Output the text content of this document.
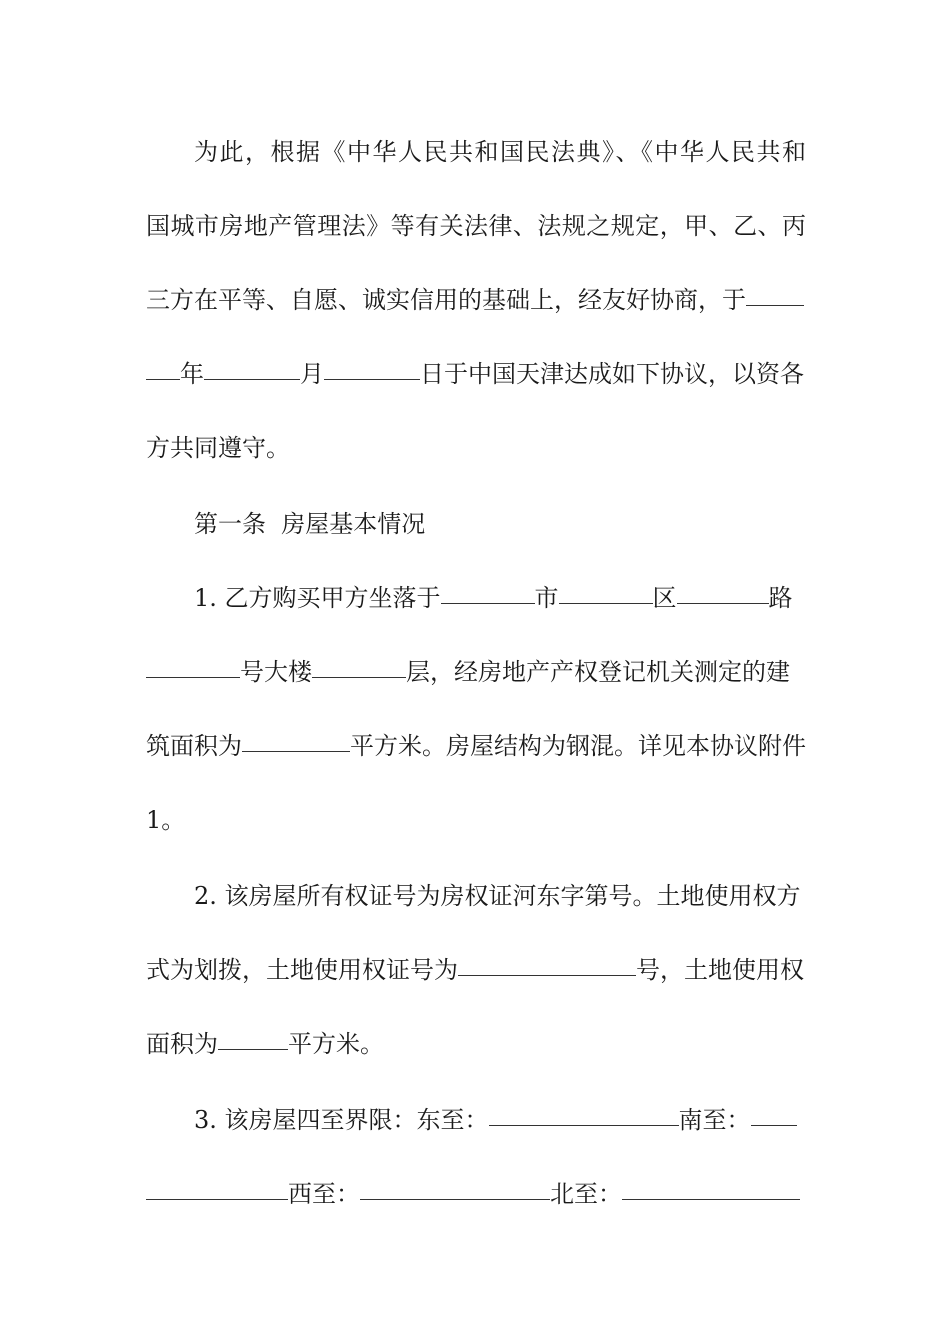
为此，根据《中华人民共和国民法典》、《中华人民共和
国城市房地产管理法》等有关法律、法规之规定，甲、乙、丙
三方在平等、自愿、诚实信用的基础上，经友好协商，于
年	月	日于中国天津达成如下协议，以资各
方共同遵守。
第一条  房屋基本情况
1. 乙方购买甲方坐落于	市	区	路
号大楼	层，经房地产产权登记机关测定的建
筑面积为	平方米。房屋结构为钢混。详见本协议附件
1。
2. 该房屋所有权证号为房权证河东字第号。土地使用权方
式为划拨，土地使用权证号为	号，土地使用权
面积为	平方米。
3. 该房屋四至界限：东至：	南至：
西至：	北至：
